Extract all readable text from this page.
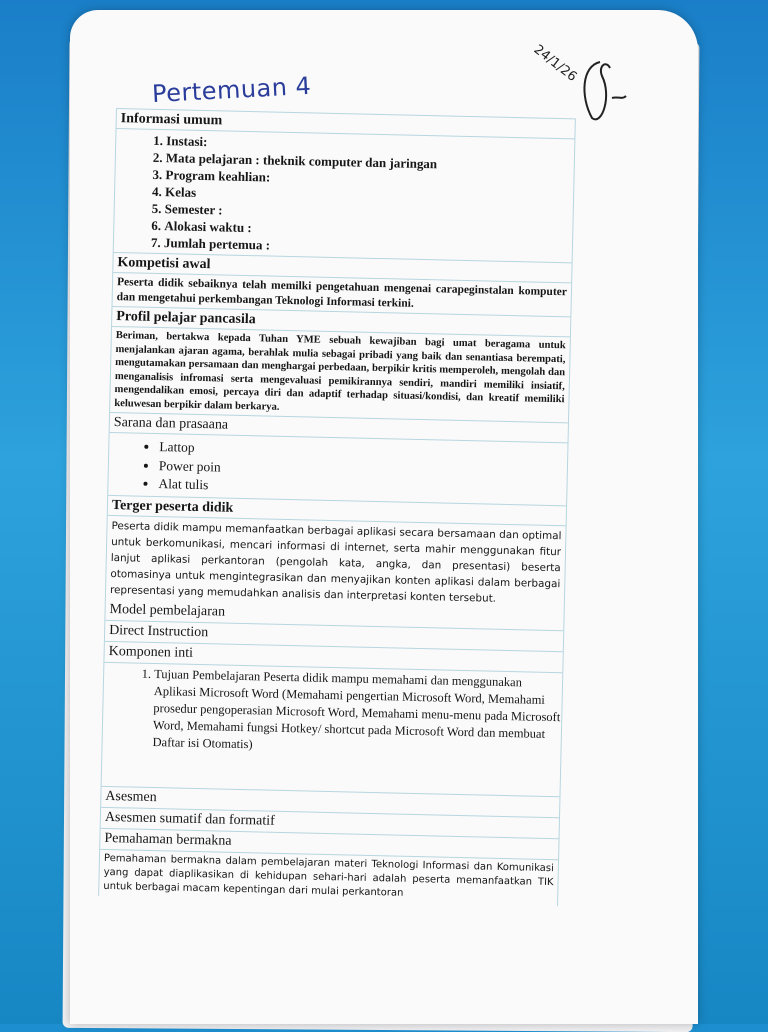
Pertemuan 4
24/1/26
Informasi umum
1. Instasi:
2. Mata pelajaran : theknik computer dan jaringan
3. Program keahlian:
4. Kelas
5. Semester :
6. Alokasi waktu :
7. Jumlah pertemua :
Kompetisi awal
Peserta didik sebaiknya telah memilki pengetahuan mengenai carapeginstalan komputer dan mengetahui perkembangan Teknologi Informasi terkini.
Profil pelajar pancasila
Beriman, bertakwa kepada Tuhan YME sebuah kewajiban bagi umat beragama untuk menjalankan ajaran agama, berahlak mulia sebagai pribadi yang baik dan senantiasa berempati, mengutamakan persamaan dan menghargai perbedaan, berpikir kritis memperoleh, mengolah dan menganalisis infromasi serta mengevaluasi pemikirannya sendiri, mandiri memiliki insiatif, mengendalikan emosi, percaya diri dan adaptif terhadap situasi/kondisi, dan kreatif memiliki keluwesan berpikir dalam berkarya.
Sarana dan prasaana
• Lattop
• Power poin
• Alat tulis
Terger peserta didik
Peserta didik mampu memanfaatkan berbagai aplikasi secara bersamaan dan optimal untuk berkomunikasi, mencari informasi di internet, serta mahir menggunakan fitur lanjut aplikasi perkantoran (pengolah kata, angka, dan presentasi) beserta otomasinya untuk mengintegrasikan dan menyajikan konten aplikasi dalam berbagai representasi yang memudahkan analisis dan interpretasi konten tersebut.
Model pembelajaran
Direct Instruction
Komponen inti
1. Tujuan Pembelajaran Peserta didik mampu memahami dan menggunakan Aplikasi Microsoft Word (Memahami pengertian Microsoft Word, Memahami prosedur pengoperasian Microsoft Word, Memahami menu-menu pada Microsoft Word, Memahami fungsi Hotkey/ shortcut pada Microsoft Word dan membuat Daftar isi Otomatis)
Asesmen
Asesmen sumatif dan formatif
Pemahaman bermakna
Pemahaman bermakna dalam pembelajaran materi Teknologi Informasi dan Komunikasi yang dapat diaplikasikan di kehidupan sehari-hari adalah peserta memanfaatkan TIK untuk berbagai macam kepentingan dari mulai perkantoran
